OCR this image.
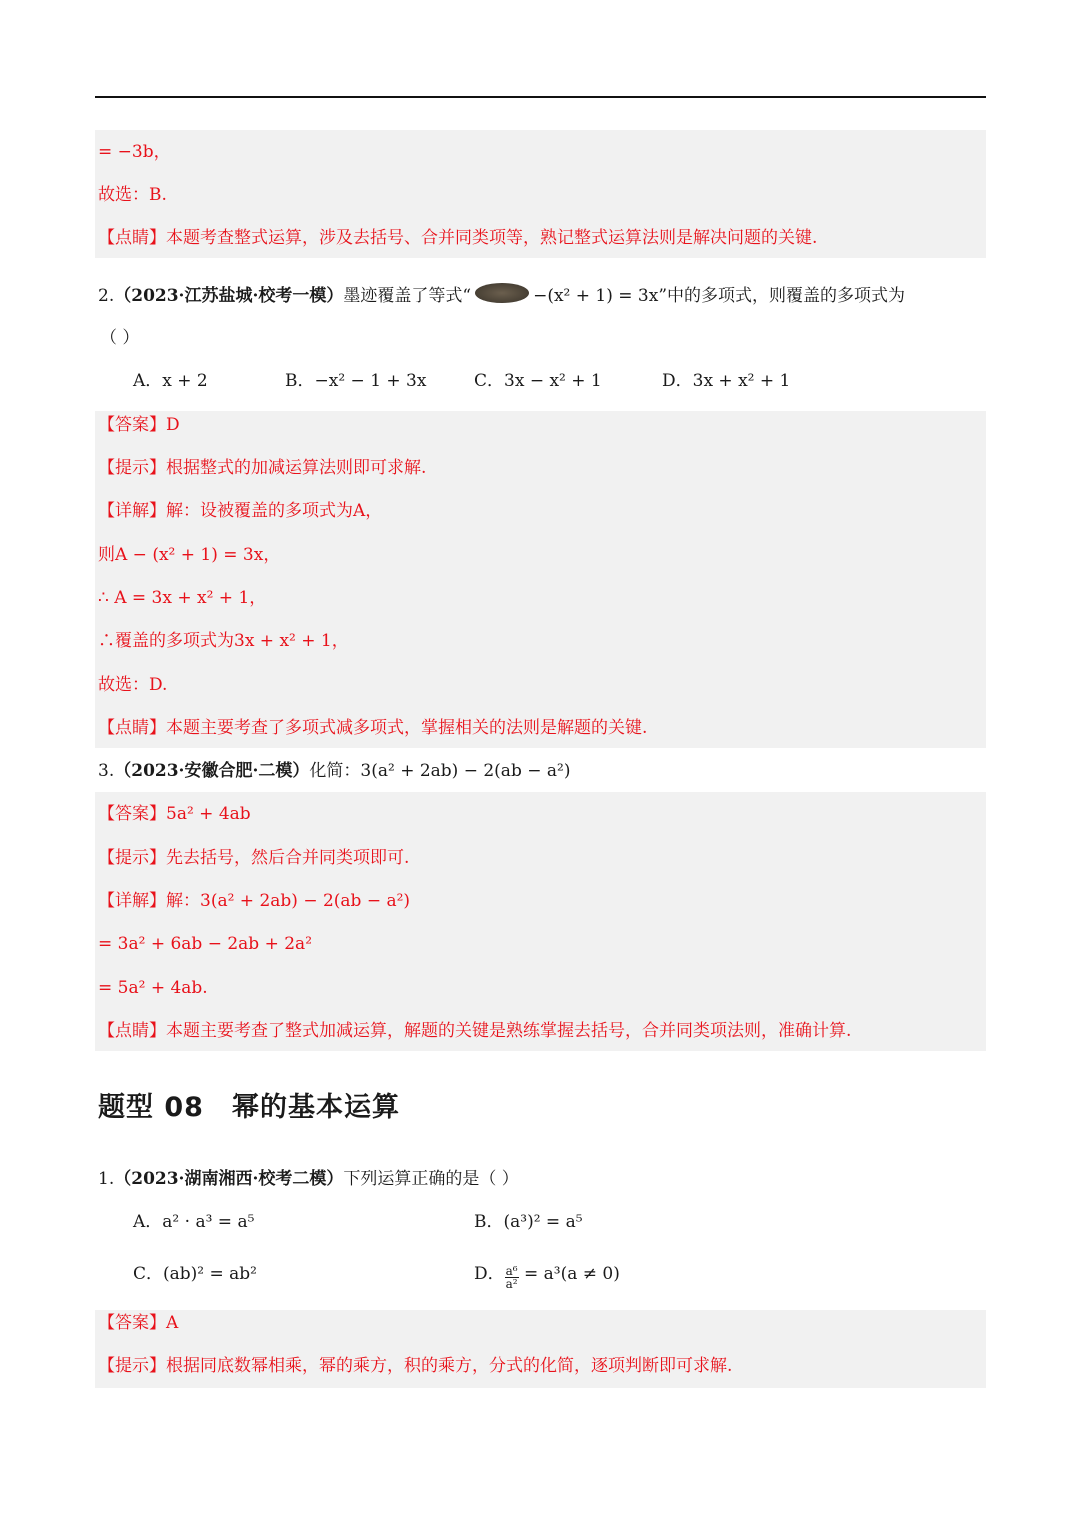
= −3b，
故选：B.
【点睛】本题考查整式运算，涉及去括号、合并同类项等，熟记整式运算法则是解决问题的关键.
2.（2023·江苏盐城·校考一模）墨迹覆盖了等式“	−(x² + 1) = 3x”中的多项式，则覆盖的多项式为
（ ）
A．x + 2	B．−x² − 1 + 3x	C．3x − x² + 1	D．3x + x² + 1
【答案】D
【提示】根据整式的加减运算法则即可求解.
【详解】解：设被覆盖的多项式为A，
则A − (x² + 1) = 3x，
∴ A = 3x + x² + 1，
∴覆盖的多项式为3x + x² + 1，
故选：D.
【点睛】本题主要考查了多项式减多项式，掌握相关的法则是解题的关键.
3.（2023·安徽合肥·二模）化简：3(a² + 2ab) − 2(ab − a²)
【答案】5a² + 4ab
【提示】先去括号，然后合并同类项即可.
【详解】解：3(a² + 2ab) − 2(ab − a²)
= 3a² + 6ab − 2ab + 2a²
= 5a² + 4ab.
【点睛】本题主要考查了整式加减运算，解题的关键是熟练掌握去括号，合并同类项法则，准确计算.
题型 08　幂的基本运算
1.（2023·湖南湘西·校考二模）下列运算正确的是（ ）
A．a² · a³ = a⁵	B．(a³)² = a⁵
C．(ab)² = ab²	D． $\frac{\text{a⁶}}{\text{a²}} = a^3(a \ne 0)$
【答案】A
【提示】根据同底数幂相乘，幂的乘方，积的乘方，分式的化简，逐项判断即可求解.
